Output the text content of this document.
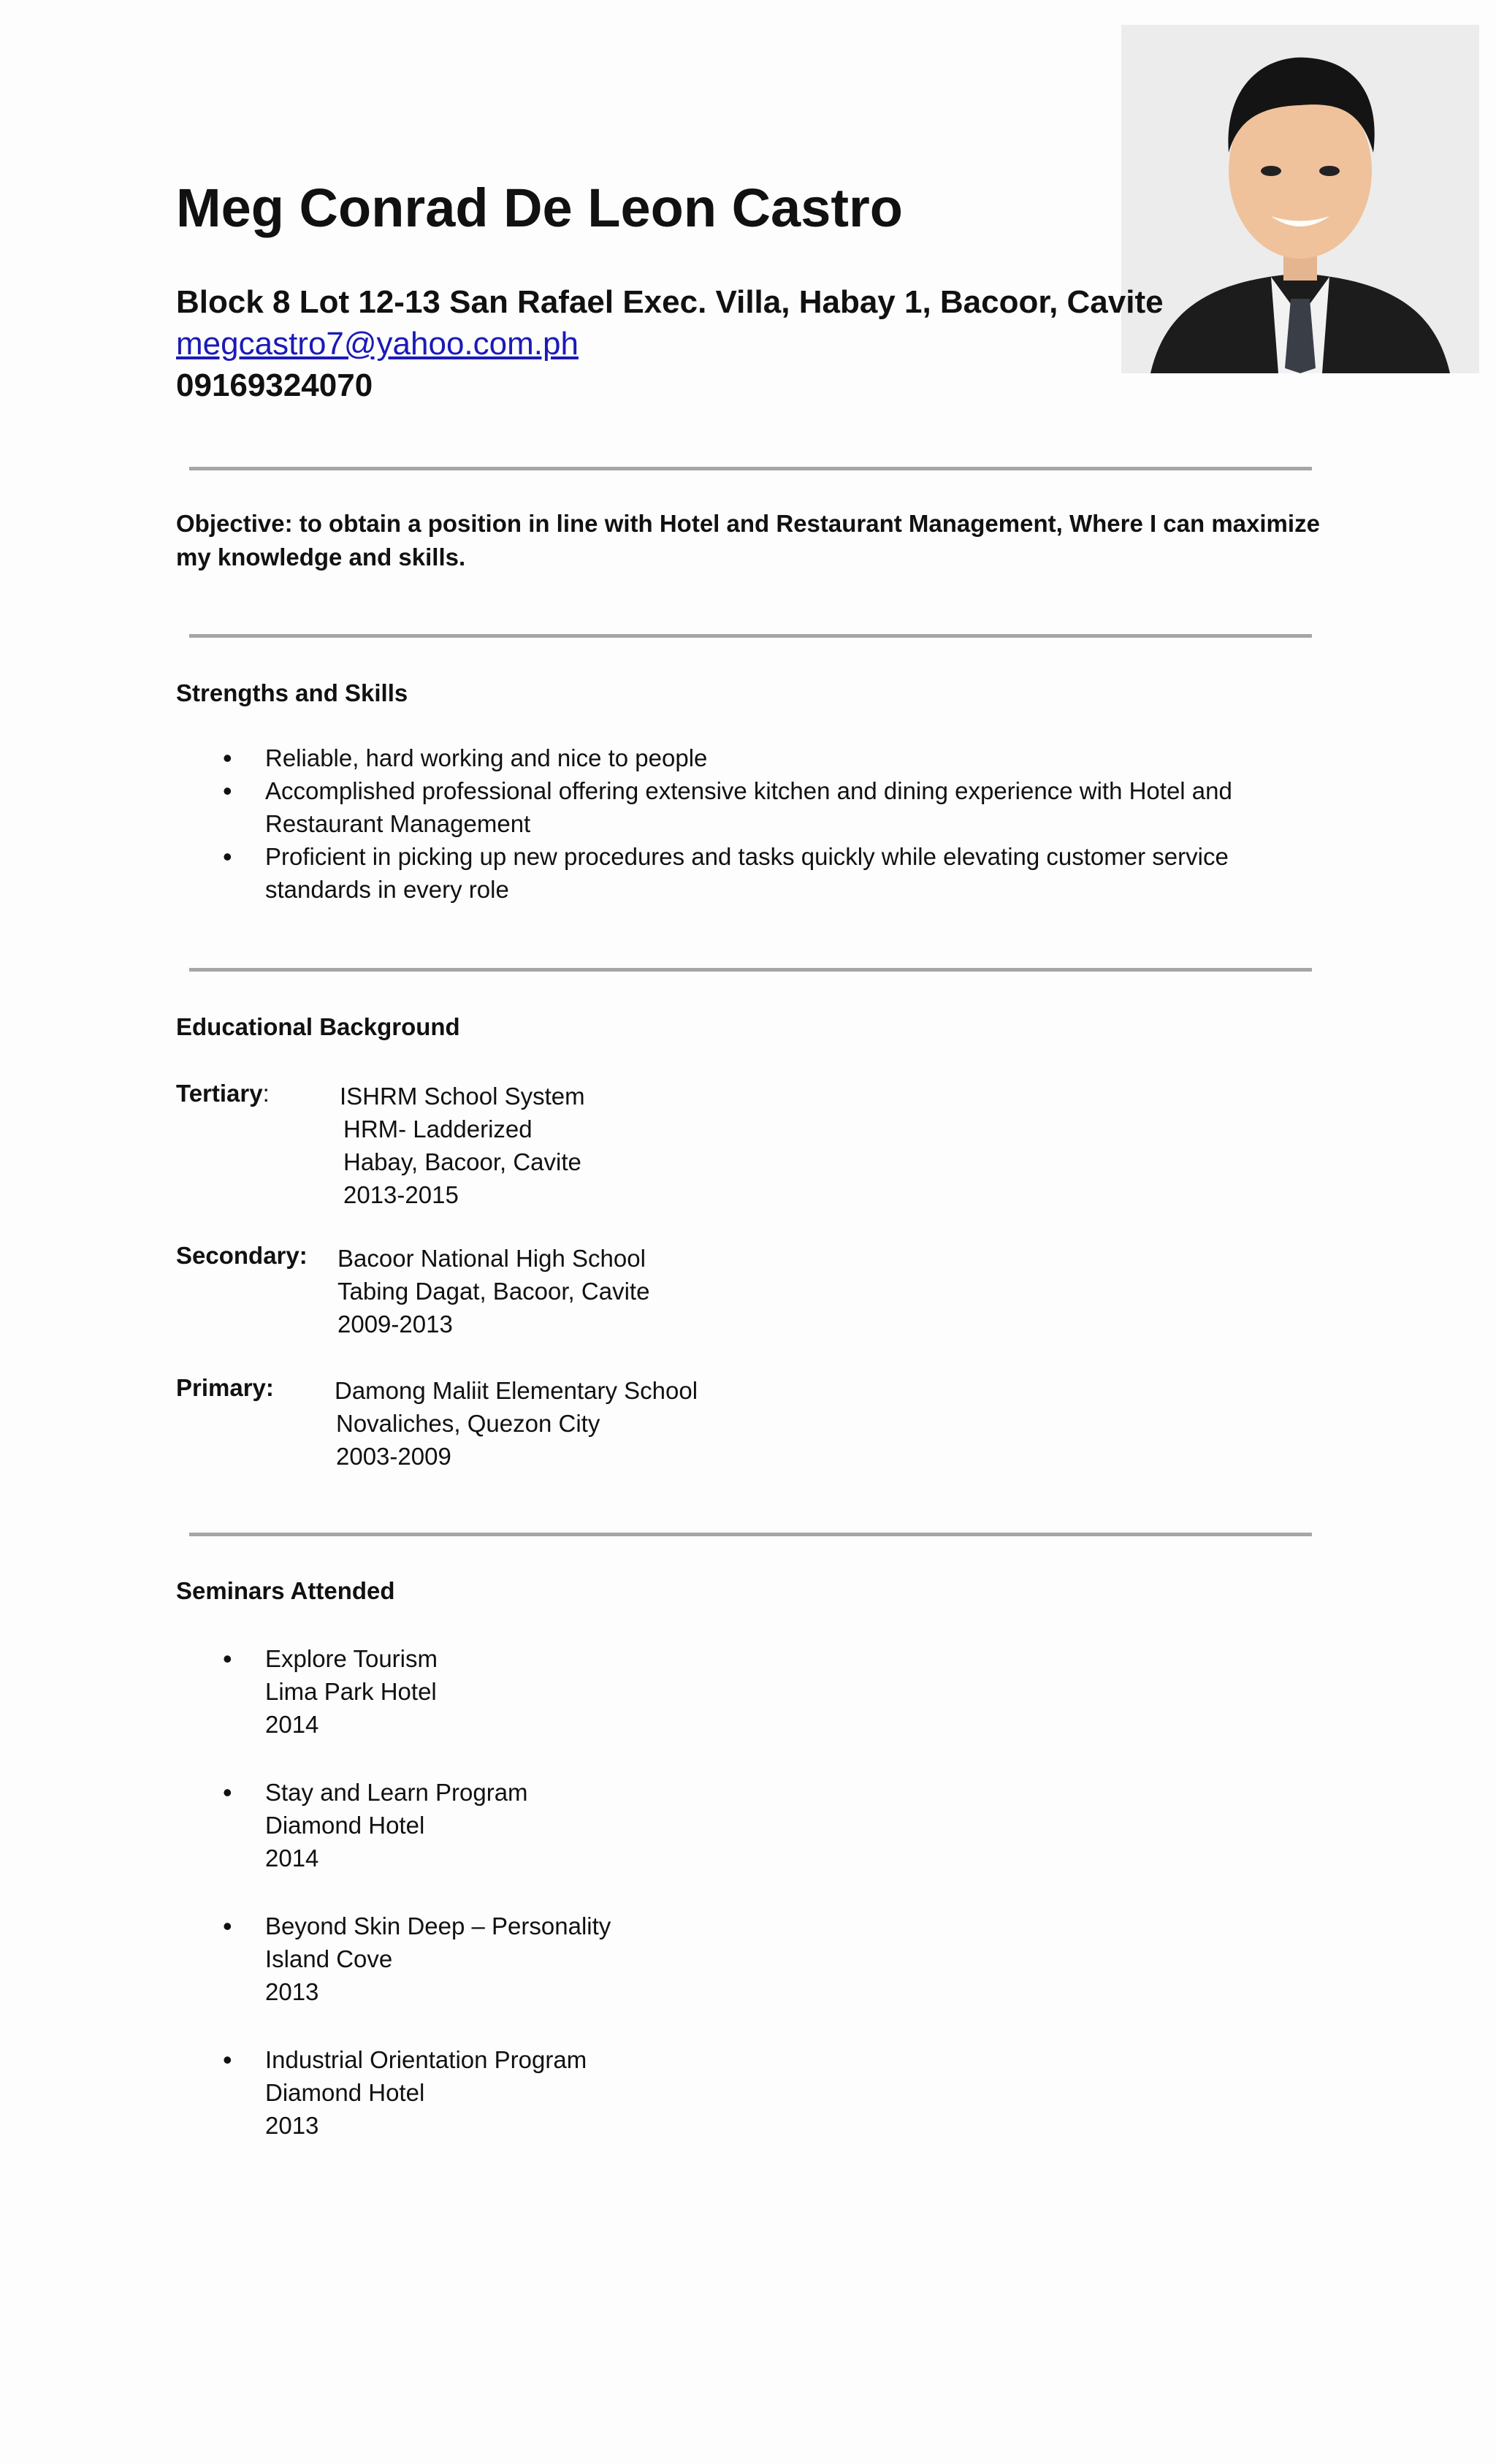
Meg Conrad De Leon Castro
Block 8 Lot 12-13 San Rafael Exec. Villa, Habay 1, Bacoor, Cavite
megcastro7@yahoo.com.ph
09169324070
Objective: to obtain a position in line with Hotel and Restaurant Management, Where I can maximize my knowledge and skills.
Strengths and Skills
• Reliable, hard working and nice to people
• Accomplished professional offering extensive kitchen and dining experience with Hotel and Restaurant Management
• Proficient in picking up new procedures and tasks quickly while elevating customer service standards in every role
Educational Background
Tertiary:	ISHRM School System
HRM- Ladderized
Habay, Bacoor, Cavite
2013-2015
Secondary: Bacoor National High School
Tabing Dagat, Bacoor, Cavite
2009-2013
Primary:	Damong Maliit Elementary School
Novaliches, Quezon City
2003-2009
Seminars Attended
• Explore Tourism
Lima Park Hotel
2014
• Stay and Learn Program
Diamond Hotel
2014
• Beyond Skin Deep – Personality
Island Cove
2013
• Industrial Orientation Program
Diamond Hotel
2013
